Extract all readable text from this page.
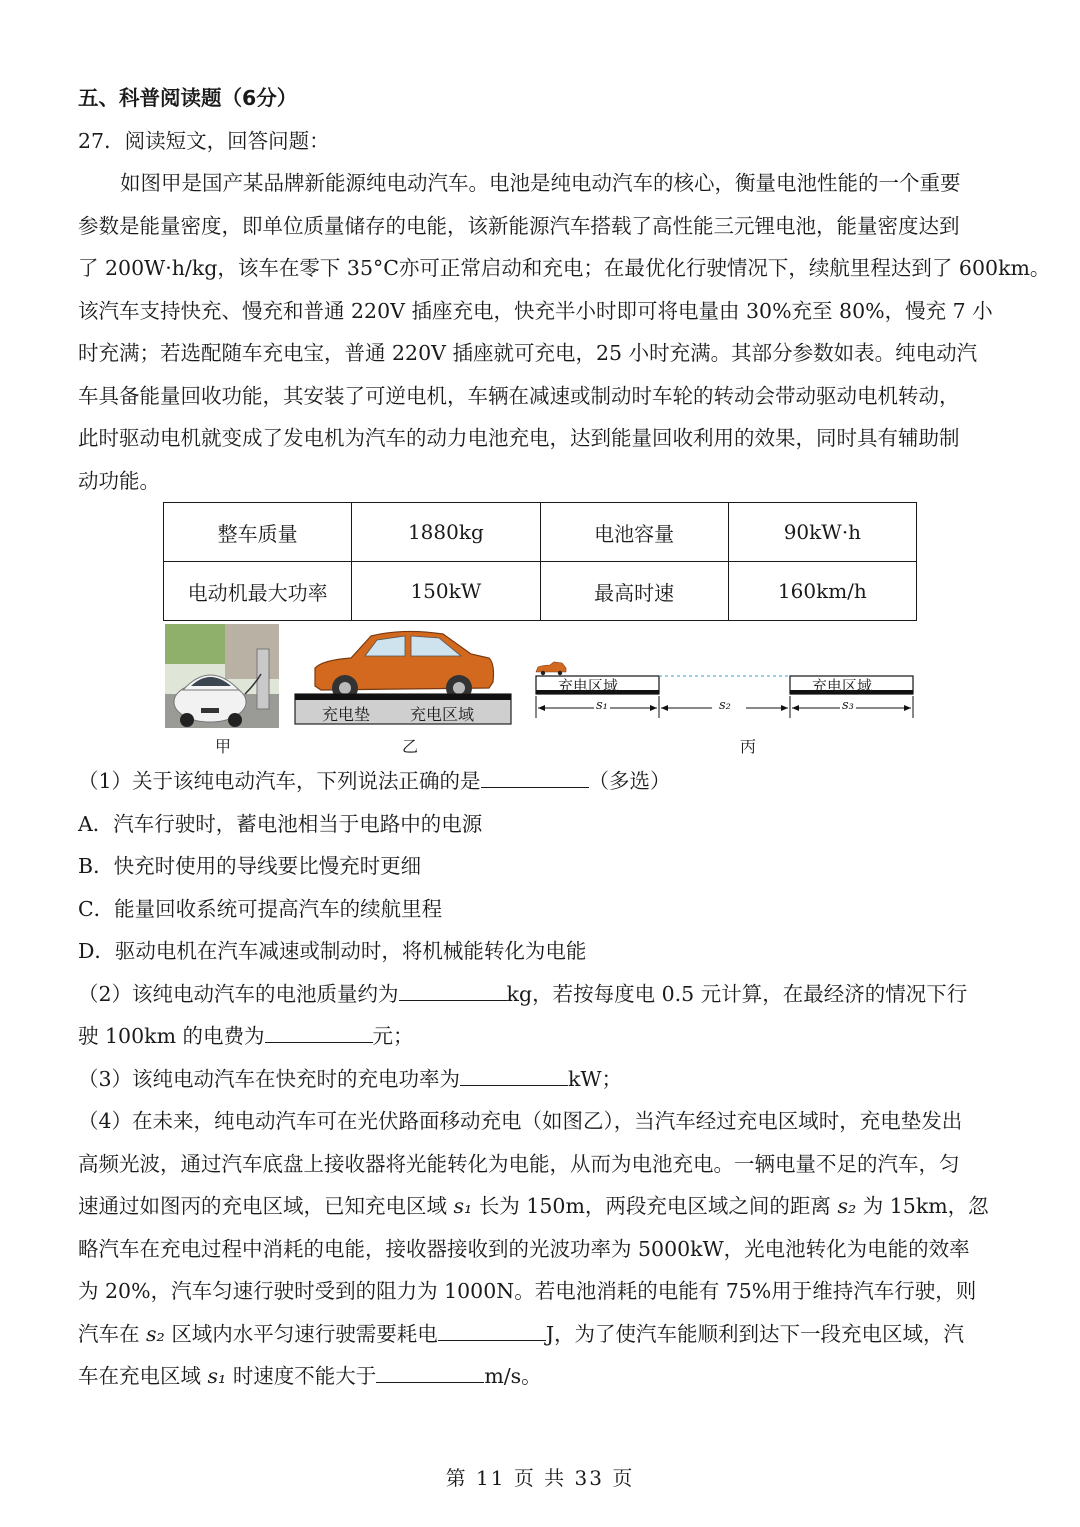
五、科普阅读题（6分）
27．阅读短文，回答问题：
如图甲是国产某品牌新能源纯电动汽车。电池是纯电动汽车的核心，衡量电池性能的一个重要
参数是能量密度，即单位质量储存的电能，该新能源汽车搭载了高性能三元锂电池，能量密度达到
了 200W·h/kg，该车在零下 35°C亦可正常启动和充电；在最优化行驶情况下，续航里程达到了 600km。
该汽车支持快充、慢充和普通 220V 插座充电，快充半小时即可将电量由 30%充至 80%，慢充 7 小
时充满；若选配随车充电宝，普通 220V 插座就可充电，25 小时充满。其部分参数如表。纯电动汽
车具备能量回收功能，其安装了可逆电机，车辆在减速或制动时车轮的转动会带动驱动电机转动，
此时驱动电机就变成了发电机为汽车的动力电池充电，达到能量回收利用的效果，同时具有辅助制
动功能。
整车质量	1880kg	电池容量	90kW·h
电动机最大功率	150kW	最高时速	160km/h
甲
充电垫 充电区域
乙
充电区域	充电区域
s₁	s₂	s₃
丙
（1）关于该纯电动汽车，下列说法正确的是	（多选）
A．汽车行驶时，蓄电池相当于电路中的电源
B．快充时使用的导线要比慢充时更细
C．能量回收系统可提高汽车的续航里程
D．驱动电机在汽车减速或制动时，将机械能转化为电能
（2）该纯电动汽车的电池质量约为	kg，若按每度电 0.5 元计算，在最经济的情况下行
驶 100km 的电费为	元；
（3）该纯电动汽车在快充时的充电功率为	kW；
（4）在未来，纯电动汽车可在光伏路面移动充电（如图乙），当汽车经过充电区域时，充电垫发出
高频光波，通过汽车底盘上接收器将光能转化为电能，从而为电池充电。一辆电量不足的汽车，匀
速通过如图丙的充电区域，已知充电区域 s₁ 长为 150m，两段充电区域之间的距离 s₂ 为 15km，忽
略汽车在充电过程中消耗的电能，接收器接收到的光波功率为 5000kW，光电池转化为电能的效率
为 20%，汽车匀速行驶时受到的阻力为 1000N。若电池消耗的电能有 75%用于维持汽车行驶，则
汽车在 s₂ 区域内水平匀速行驶需要耗电	J，为了使汽车能顺利到达下一段充电区域，汽
车在充电区域 s₁ 时速度不能大于	m/s。
第 11 页 共 33 页
